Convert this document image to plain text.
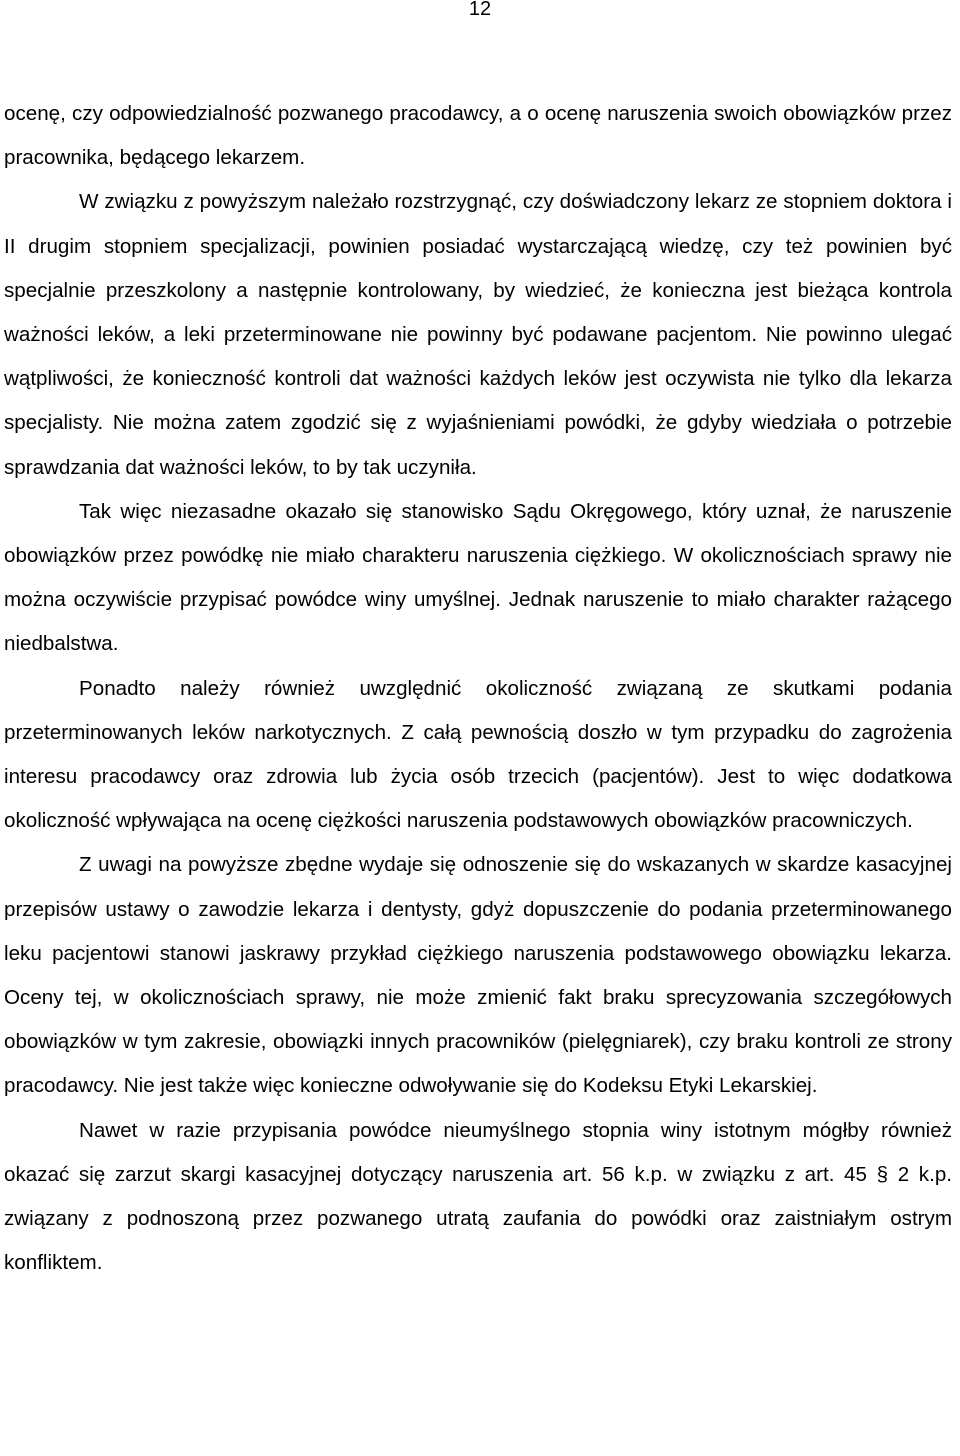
12

ocenę, czy odpowiedzialność pozwanego pracodawcy, a o ocenę naruszenia swoich obowiązków przez pracownika, będącego lekarzem.

W związku z powyższym należało rozstrzygnąć, czy doświadczony lekarz ze stopniem doktora i II drugim stopniem specjalizacji, powinien posiadać wystarczającą wiedzę, czy też powinien być specjalnie przeszkolony a następnie kontrolowany, by wiedzieć, że konieczna jest bieżąca kontrola ważności leków, a leki przeterminowane nie powinny być podawane pacjentom. Nie powinno ulegać wątpliwości, że konieczność kontroli dat ważności każdych leków jest oczywista nie tylko dla lekarza specjalisty. Nie można zatem zgodzić się z wyjaśnieniami powódki, że gdyby wiedziała o potrzebie sprawdzania dat ważności leków, to by tak uczyniła.

Tak więc niezasadne okazało się stanowisko Sądu Okręgowego, który uznał, że naruszenie obowiązków przez powódkę nie miało charakteru naruszenia ciężkiego. W okolicznościach sprawy nie można oczywiście przypisać powódce winy umyślnej. Jednak naruszenie to miało charakter rażącego niedbalstwa.

Ponadto należy również uwzględnić okoliczność związaną ze skutkami podania przeterminowanych leków narkotycznych. Z całą pewnością doszło w tym przypadku do zagrożenia interesu pracodawcy oraz zdrowia lub życia osób trzecich (pacjentów). Jest to więc dodatkowa okoliczność wpływająca na ocenę ciężkości naruszenia podstawowych obowiązków pracowniczych.

Z uwagi na powyższe zbędne wydaje się odnoszenie się do wskazanych w skardze kasacyjnej przepisów ustawy o zawodzie lekarza i dentysty, gdyż dopuszczenie do podania przeterminowanego leku pacjentowi stanowi jaskrawy przykład ciężkiego naruszenia podstawowego obowiązku lekarza. Oceny tej, w okolicznościach sprawy, nie może zmienić fakt braku sprecyzowania szczegółowych obowiązków w tym zakresie, obowiązki innych pracowników (pielęgniarek), czy braku kontroli ze strony pracodawcy. Nie jest także więc konieczne odwoływanie się do Kodeksu Etyki Lekarskiej.

Nawet w razie przypisania powódce nieumyślnego stopnia winy istotnym mógłby również okazać się zarzut skargi kasacyjnej dotyczący naruszenia art. 56 k.p. w związku z art. 45 § 2 k.p. związany z podnoszoną przez pozwanego utratą zaufania do powódki oraz zaistniałym ostrym konfliktem.
